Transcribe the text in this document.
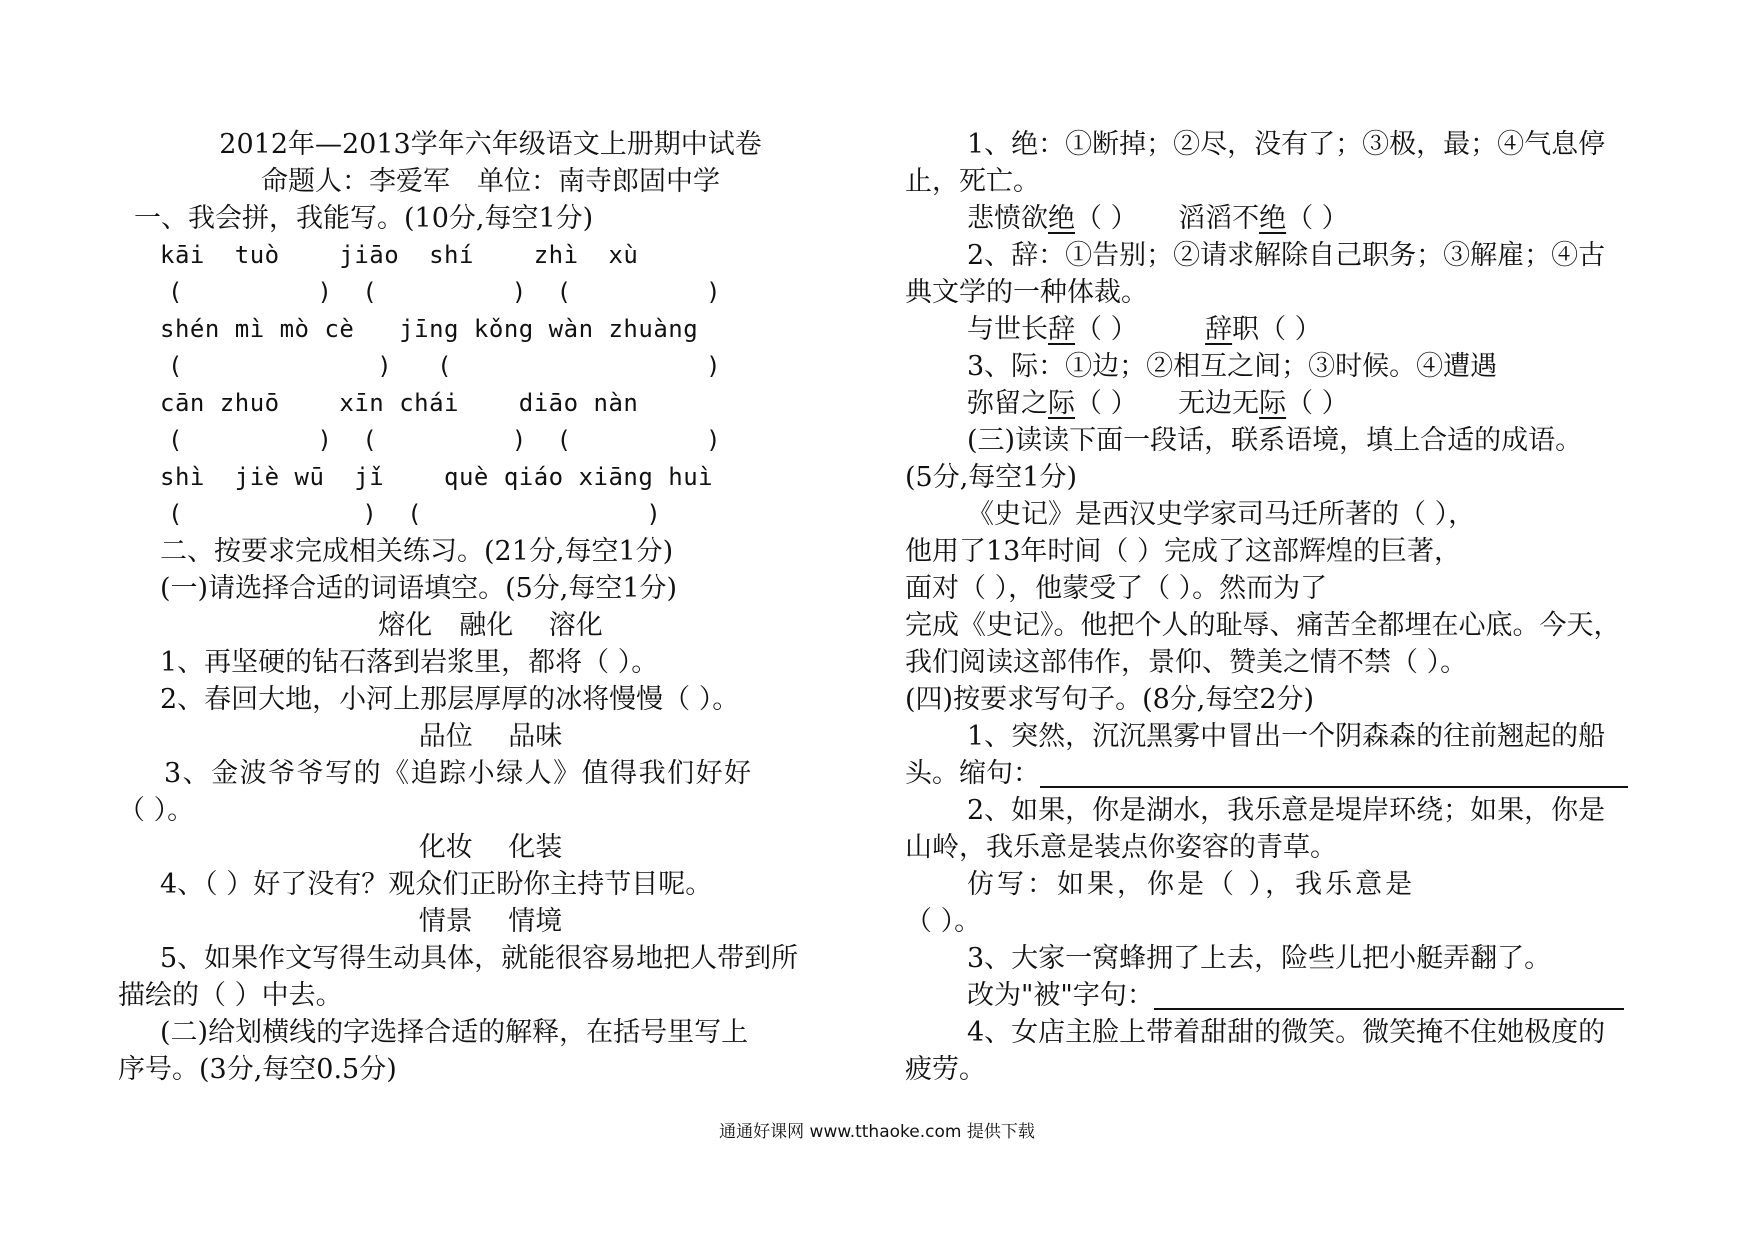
2012年—2013学年六年级语文上册期中试卷
命题人：李爱军　单位：南寺郎固中学
一、我会拼，我能写。(10分,每空1分)
kāi  tuò    jiāo  shí    zhì  xù
(         )  (         )  (         )
shén mì mò cè   jīng kǒng wàn zhuàng
(             )   (                 )
cān zhuō    xīn chái    diāo nàn
(         )  (         )  (         )
shì  jiè wū  jǐ    què qiáo xiāng huì
(            )  (               )
二、按要求完成相关练习。(21分,每空1分)
(一)请选择合适的词语填空。(5分,每空1分)
熔化　融化　 溶化
1、再坚硬的钻石落到岩浆里，都将（ ）。
2、春回大地，小河上那层厚厚的冰将慢慢（ ）。
品位　 品味
3、金波爷爷写的《追踪小绿人》值得我们好好
（ ）。
化妆　 化装
4、（ ）好了没有？观众们正盼你主持节目呢。
情景　 情境
5、如果作文写得生动具体，就能很容易地把人带到所
描绘的（ ）中去。
(二)给划横线的字选择合适的解释，在括号里写上
序号。(3分,每空0.5分)
1、绝：①断掉；②尽，没有了；③极，最；④气息停
止，死亡。
悲愤欲绝（ ）　　滔滔不绝（ ）
2、辞：①告别；②请求解除自己职务；③解雇；④古
典文学的一种体裁。
与世长辞（ ）　　　辞职（ ）
3、际：①边；②相互之间；③时候。④遭遇
弥留之际（ ）　　无边无际（ ）
(三)读读下面一段话，联系语境，填上合适的成语。
(5分,每空1分)
《史记》是西汉史学家司马迁所著的（ ），
他用了13年时间（ ）完成了这部辉煌的巨著，
面对（ ），他蒙受了（ ）。然而为了
完成《史记》。他把个人的耻辱、痛苦全都埋在心底。今天，
我们阅读这部伟作，景仰、赞美之情不禁（ ）。
(四)按要求写句子。(8分,每空2分)
1、突然，沉沉黑雾中冒出一个阴森森的往前翘起的船
头。缩句：
2、如果，你是湖水，我乐意是堤岸环绕；如果，你是
山岭，我乐意是装点你姿容的青草。
仿写：如果，你是（ ），我乐意是
（ ）。
3、大家一窝蜂拥了上去，险些儿把小艇弄翻了。
改为"被"字句：
4、女店主脸上带着甜甜的微笑。微笑掩不住她极度的
疲劳。
通通好课网 www.tthaoke.com 提供下载
